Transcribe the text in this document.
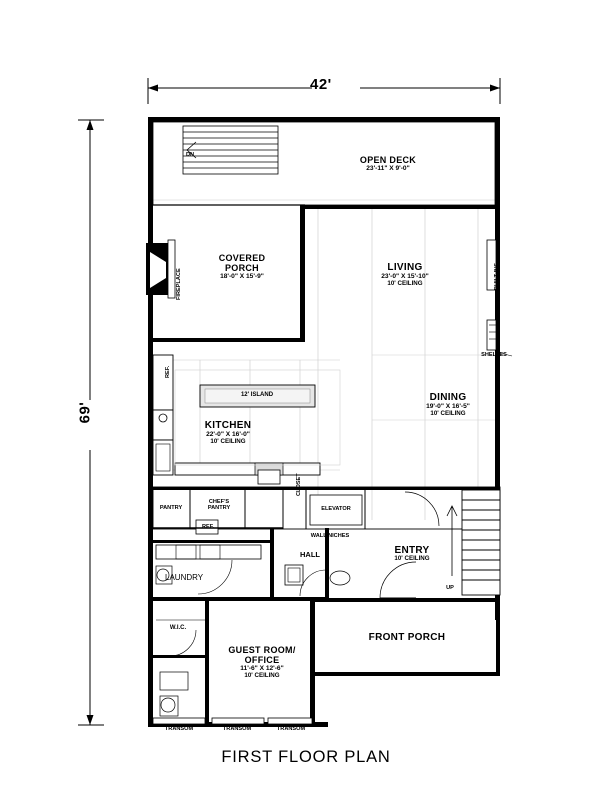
42'
69'
OPEN DECK
23'-11" X 9'-0"
DN
FIREPLACE
COVERED
PORCH
18'-0" X 15'-9"
LIVING
23'-0" X 15'-10"
10' CEILING	BUILT-INS
SHELVES
REF.
12' ISLAND
KITCHEN
22'-0" X 16'-0"
10' CEILING
DINING
19'-0" X 16'-5"
10' CEILING
PANTRY
CHEF'S
PANTRY
REF.
CLOSET
ELEVATOR
WALL NICHES
ENTRY
10' CEILING
UP
HALL
LAUNDRY
W.I.C.
GUEST ROOM/
OFFICE
11'-6" X 12'-6"
10' CEILING
FRONT PORCH
TRANSOM	TRANSOM	TRANSOM
FIRST FLOOR PLAN
